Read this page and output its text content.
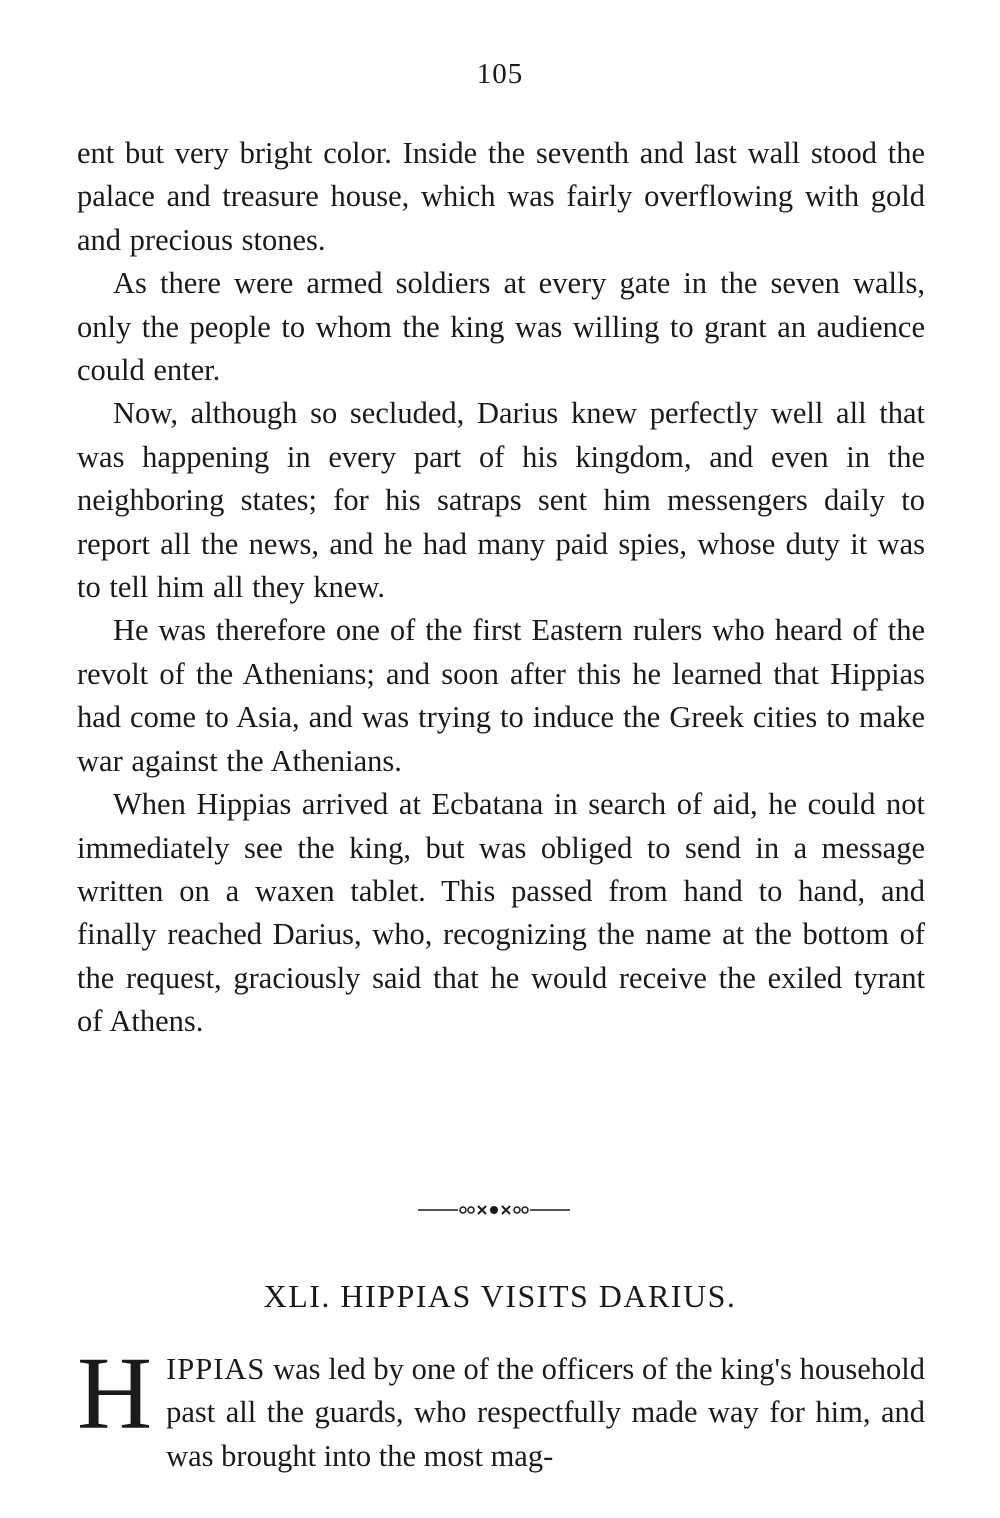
105

ent but very bright color. Inside the seventh and last wall stood the palace and treasure house, which was fairly overflowing with gold and precious stones.

As there were armed soldiers at every gate in the seven walls, only the people to whom the king was willing to grant an audience could enter.

Now, although so secluded, Darius knew perfectly well all that was happening in every part of his kingdom, and even in the neighboring states; for his satraps sent him messengers daily to report all the news, and he had many paid spies, whose duty it was to tell him all they knew.

He was therefore one of the first Eastern rulers who heard of the revolt of the Athenians; and soon after this he learned that Hippias had come to Asia, and was trying to induce the Greek cities to make war against the Athenians.

When Hippias arrived at Ecbatana in search of aid, he could not immediately see the king, but was obliged to send in a message written on a waxen tablet. This passed from hand to hand, and finally reached Darius, who, recognizing the name at the bottom of the request, graciously said that he would receive the exiled tyrant of Athens.

XLI. HIPPIAS VISITS DARIUS.
HIPPIAS was led by one of the officers of the king's household past all the guards, who respectfully made way for him, and was brought into the most mag-
